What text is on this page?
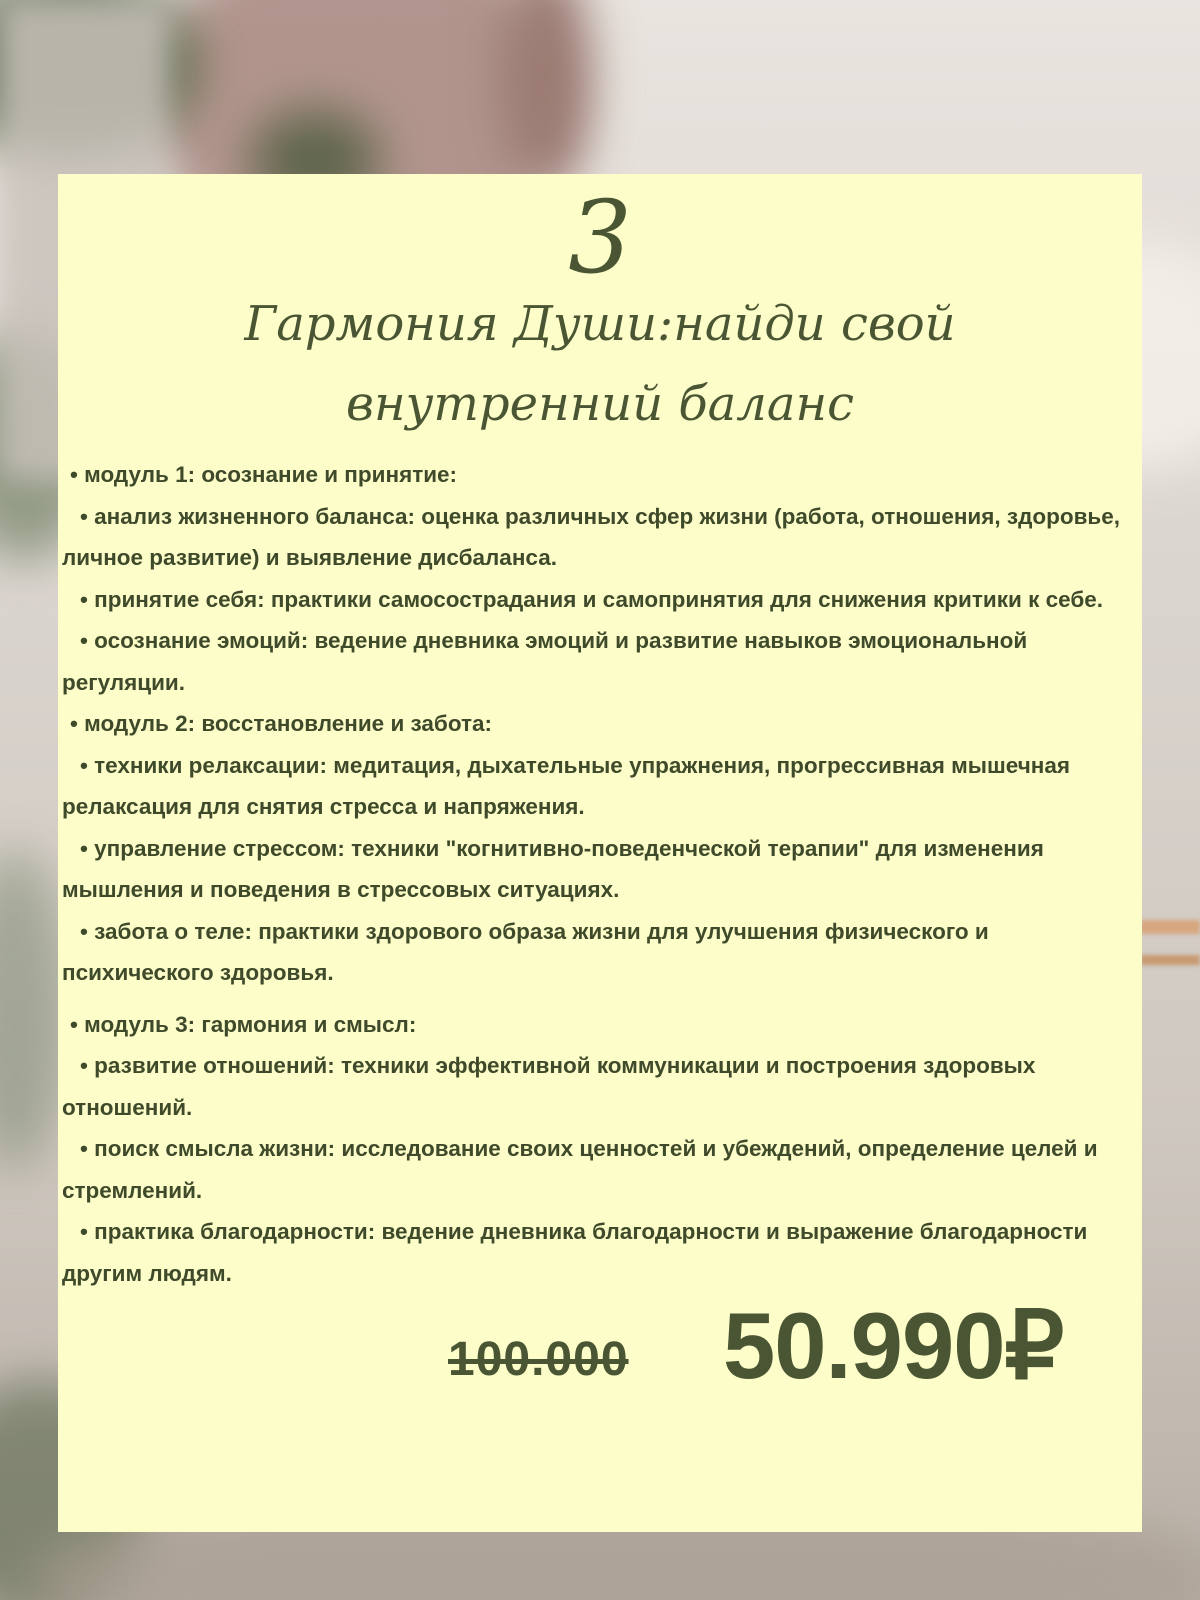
3
Гармония Души:найди свой
внутренний баланс

• модуль 1: осознание и принятие:

• анализ жизненного баланса: оценка различных сфер жизни (работа, отношения, здоровье, личное развитие) и выявление дисбаланса.

• принятие себя: практики самосострадания и самопринятия для снижения критики к себе.

• осознание эмоций: ведение дневника эмоций и развитие навыков эмоциональной регуляции.

• модуль 2: восстановление и забота:

• техники релаксации: медитация, дыхательные упражнения, прогрессивная мышечная релаксация для снятия стресса и напряжения.

• управление стрессом: техники "когнитивно-поведенческой терапии" для изменения мышления и поведения в стрессовых ситуациях.

• забота о теле: практики здорового образа жизни для улучшения физического и психического здоровья.

• модуль 3: гармония и смысл:

• развитие отношений: техники эффективной коммуникации и построения здоровых отношений.

• поиск смысла жизни: исследование своих ценностей и убеждений, определение целей и стремлений.

• практика благодарности: ведение дневника благодарности и выражение благодарности другим людям.

100.000 50.990₽
